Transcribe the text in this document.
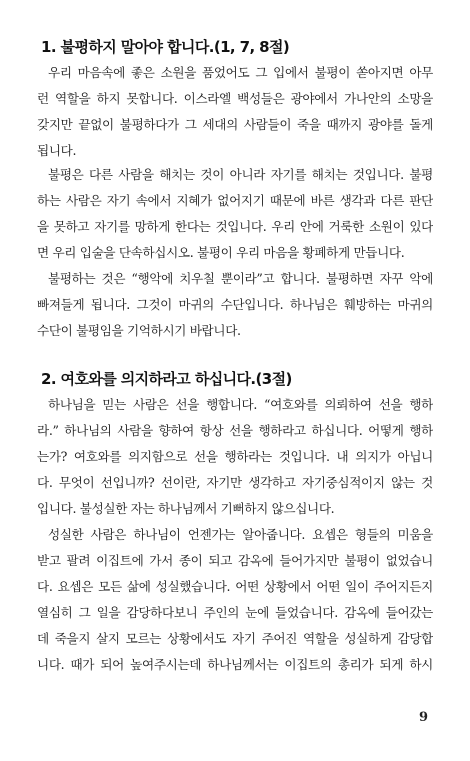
1. 불평하지 말아야 합니다.(1, 7, 8절)
우리 마음속에 좋은 소원을 품었어도 그 입에서 불평이 쏟아지면 아무
런 역할을 하지 못합니다. 이스라엘 백성들은 광야에서 가나안의 소망을
갖지만 끝없이 불평하다가 그 세대의 사람들이 죽을 때까지 광야를 돌게
됩니다.
불평은 다른 사람을 해치는 것이 아니라 자기를 해치는 것입니다. 불평
하는 사람은 자기 속에서 지혜가 없어지기 때문에 바른 생각과 다른 판단
을 못하고 자기를 망하게 한다는 것입니다. 우리 안에 거룩한 소원이 있다
면 우리 입술을 단속하십시오. 불평이 우리 마음을 황폐하게 만듭니다.
불평하는 것은 “행악에 치우칠 뿐이라”고 합니다. 불평하면 자꾸 악에
빠져들게 됩니다. 그것이 마귀의 수단입니다. 하나님은 훼방하는 마귀의
수단이 불평임을 기억하시기 바랍니다.
2. 여호와를 의지하라고 하십니다.(3절)
하나님을 믿는 사람은 선을 행합니다. “여호와를 의뢰하여 선을 행하
라.” 하나님의 사람을 향하여 항상 선을 행하라고 하십니다. 어떻게 행하
는가? 여호와를 의지함으로 선을 행하라는 것입니다. 내 의지가 아닙니
다. 무엇이 선입니까? 선이란, 자기만 생각하고 자기중심적이지 않는 것
입니다. 불성실한 자는 하나님께서 기뻐하지 않으십니다.
성실한 사람은 하나님이 언젠가는 알아줍니다. 요셉은 형들의 미움을
받고 팔려 이집트에 가서 종이 되고 감옥에 들어가지만 불평이 없었습니
다. 요셉은 모든 삶에 성실했습니다. 어떤 상황에서 어떤 일이 주어지든지
열심히 그 일을 감당하다보니 주인의 눈에 들었습니다. 감옥에 들어갔는
데 죽을지 살지 모르는 상황에서도 자기 주어진 역할을 성실하게 감당합
니다. 때가 되어 높여주시는데 하나님께서는 이집트의 총리가 되게 하시
9
